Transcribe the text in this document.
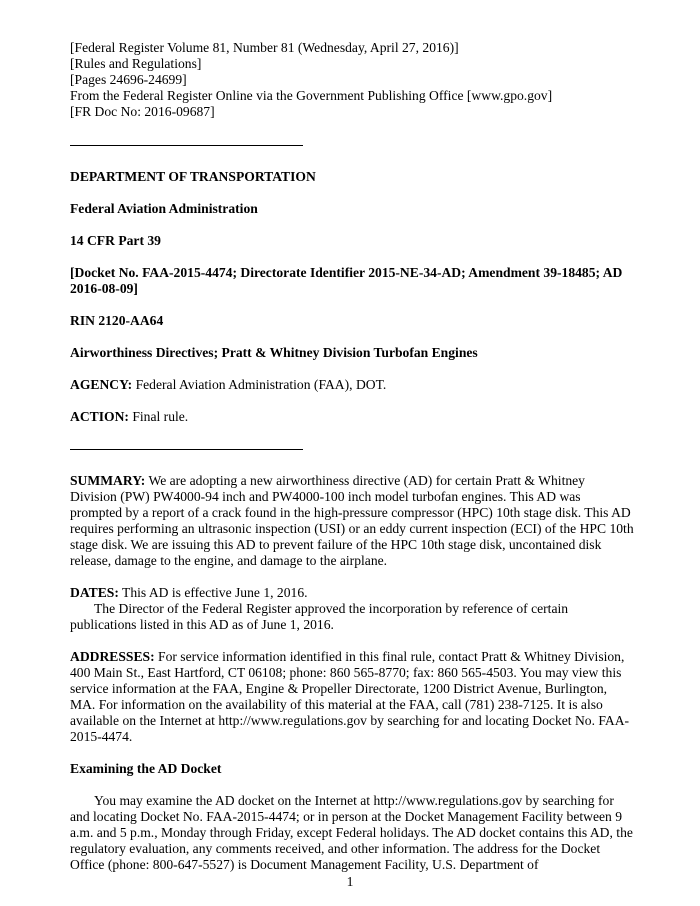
[Federal Register Volume 81, Number 81 (Wednesday, April 27, 2016)]
[Rules and Regulations]
[Pages 24696-24699]
From the Federal Register Online via the Government Publishing Office [www.gpo.gov]
[FR Doc No: 2016-09687]

DEPARTMENT OF TRANSPORTATION

Federal Aviation Administration

14 CFR Part 39

[Docket No. FAA-2015-4474; Directorate Identifier 2015-NE-34-AD; Amendment 39-18485; AD 2016-08-09]

RIN 2120-AA64

Airworthiness Directives; Pratt & Whitney Division Turbofan Engines

AGENCY: Federal Aviation Administration (FAA), DOT.

ACTION: Final rule.

SUMMARY: We are adopting a new airworthiness directive (AD) for certain Pratt & Whitney Division (PW) PW4000-94 inch and PW4000-100 inch model turbofan engines. This AD was prompted by a report of a crack found in the high-pressure compressor (HPC) 10th stage disk. This AD requires performing an ultrasonic inspection (USI) or an eddy current inspection (ECI) of the HPC 10th stage disk. We are issuing this AD to prevent failure of the HPC 10th stage disk, uncontained disk release, damage to the engine, and damage to the airplane.

DATES: This AD is effective June 1, 2016.

The Director of the Federal Register approved the incorporation by reference of certain publications listed in this AD as of June 1, 2016.

ADDRESSES: For service information identified in this final rule, contact Pratt & Whitney Division, 400 Main St., East Hartford, CT 06108; phone: 860 565-8770; fax: 860 565-4503. You may view this service information at the FAA, Engine & Propeller Directorate, 1200 District Avenue, Burlington, MA. For information on the availability of this material at the FAA, call (781) 238-7125. It is also available on the Internet at http://www.regulations.gov by searching for and locating Docket No. FAA-2015-4474.

Examining the AD Docket

You may examine the AD docket on the Internet at http://www.regulations.gov by searching for and locating Docket No. FAA-2015-4474; or in person at the Docket Management Facility between 9 a.m. and 5 p.m., Monday through Friday, except Federal holidays. The AD docket contains this AD, the regulatory evaluation, any comments received, and other information. The address for the Docket Office (phone: 800-647-5527) is Document Management Facility, U.S. Department of

1
